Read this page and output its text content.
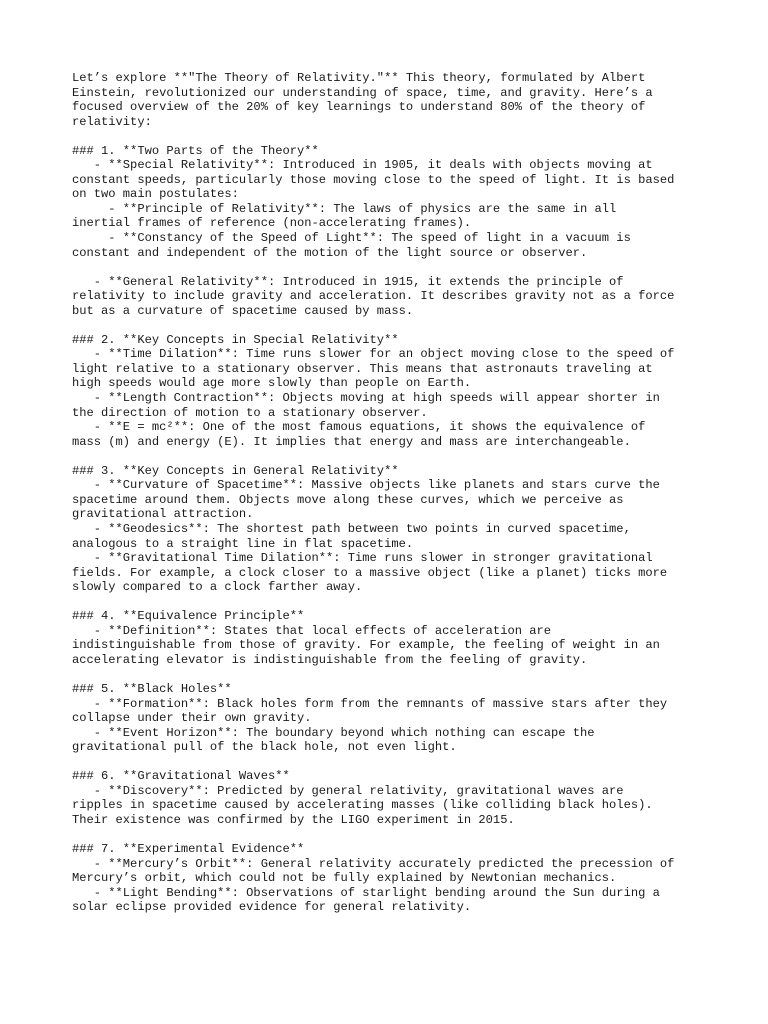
Let’s explore **"The Theory of Relativity."** This theory, formulated by Albert
Einstein, revolutionized our understanding of space, time, and gravity. Here’s a
focused overview of the 20% of key learnings to understand 80% of the theory of
relativity:
### 1. **Two Parts of the Theory**
- **Special Relativity**: Introduced in 1905, it deals with objects moving at
constant speeds, particularly those moving close to the speed of light. It is based
on two main postulates:
- **Principle of Relativity**: The laws of physics are the same in all
inertial frames of reference (non-accelerating frames).
- **Constancy of the Speed of Light**: The speed of light in a vacuum is
constant and independent of the motion of the light source or observer.
- **General Relativity**: Introduced in 1915, it extends the principle of
relativity to include gravity and acceleration. It describes gravity not as a force
but as a curvature of spacetime caused by mass.
### 2. **Key Concepts in Special Relativity**
- **Time Dilation**: Time runs slower for an object moving close to the speed of
light relative to a stationary observer. This means that astronauts traveling at
high speeds would age more slowly than people on Earth.
- **Length Contraction**: Objects moving at high speeds will appear shorter in
the direction of motion to a stationary observer.
- **E = mc²**: One of the most famous equations, it shows the equivalence of
mass (m) and energy (E). It implies that energy and mass are interchangeable.
### 3. **Key Concepts in General Relativity**
- **Curvature of Spacetime**: Massive objects like planets and stars curve the
spacetime around them. Objects move along these curves, which we perceive as
gravitational attraction.
- **Geodesics**: The shortest path between two points in curved spacetime,
analogous to a straight line in flat spacetime.
- **Gravitational Time Dilation**: Time runs slower in stronger gravitational
fields. For example, a clock closer to a massive object (like a planet) ticks more
slowly compared to a clock farther away.
### 4. **Equivalence Principle**
- **Definition**: States that local effects of acceleration are
indistinguishable from those of gravity. For example, the feeling of weight in an
accelerating elevator is indistinguishable from the feeling of gravity.
### 5. **Black Holes**
- **Formation**: Black holes form from the remnants of massive stars after they
collapse under their own gravity.
- **Event Horizon**: The boundary beyond which nothing can escape the
gravitational pull of the black hole, not even light.
### 6. **Gravitational Waves**
- **Discovery**: Predicted by general relativity, gravitational waves are
ripples in spacetime caused by accelerating masses (like colliding black holes).
Their existence was confirmed by the LIGO experiment in 2015.
### 7. **Experimental Evidence**
- **Mercury’s Orbit**: General relativity accurately predicted the precession of
Mercury’s orbit, which could not be fully explained by Newtonian mechanics.
- **Light Bending**: Observations of starlight bending around the Sun during a
solar eclipse provided evidence for general relativity.
